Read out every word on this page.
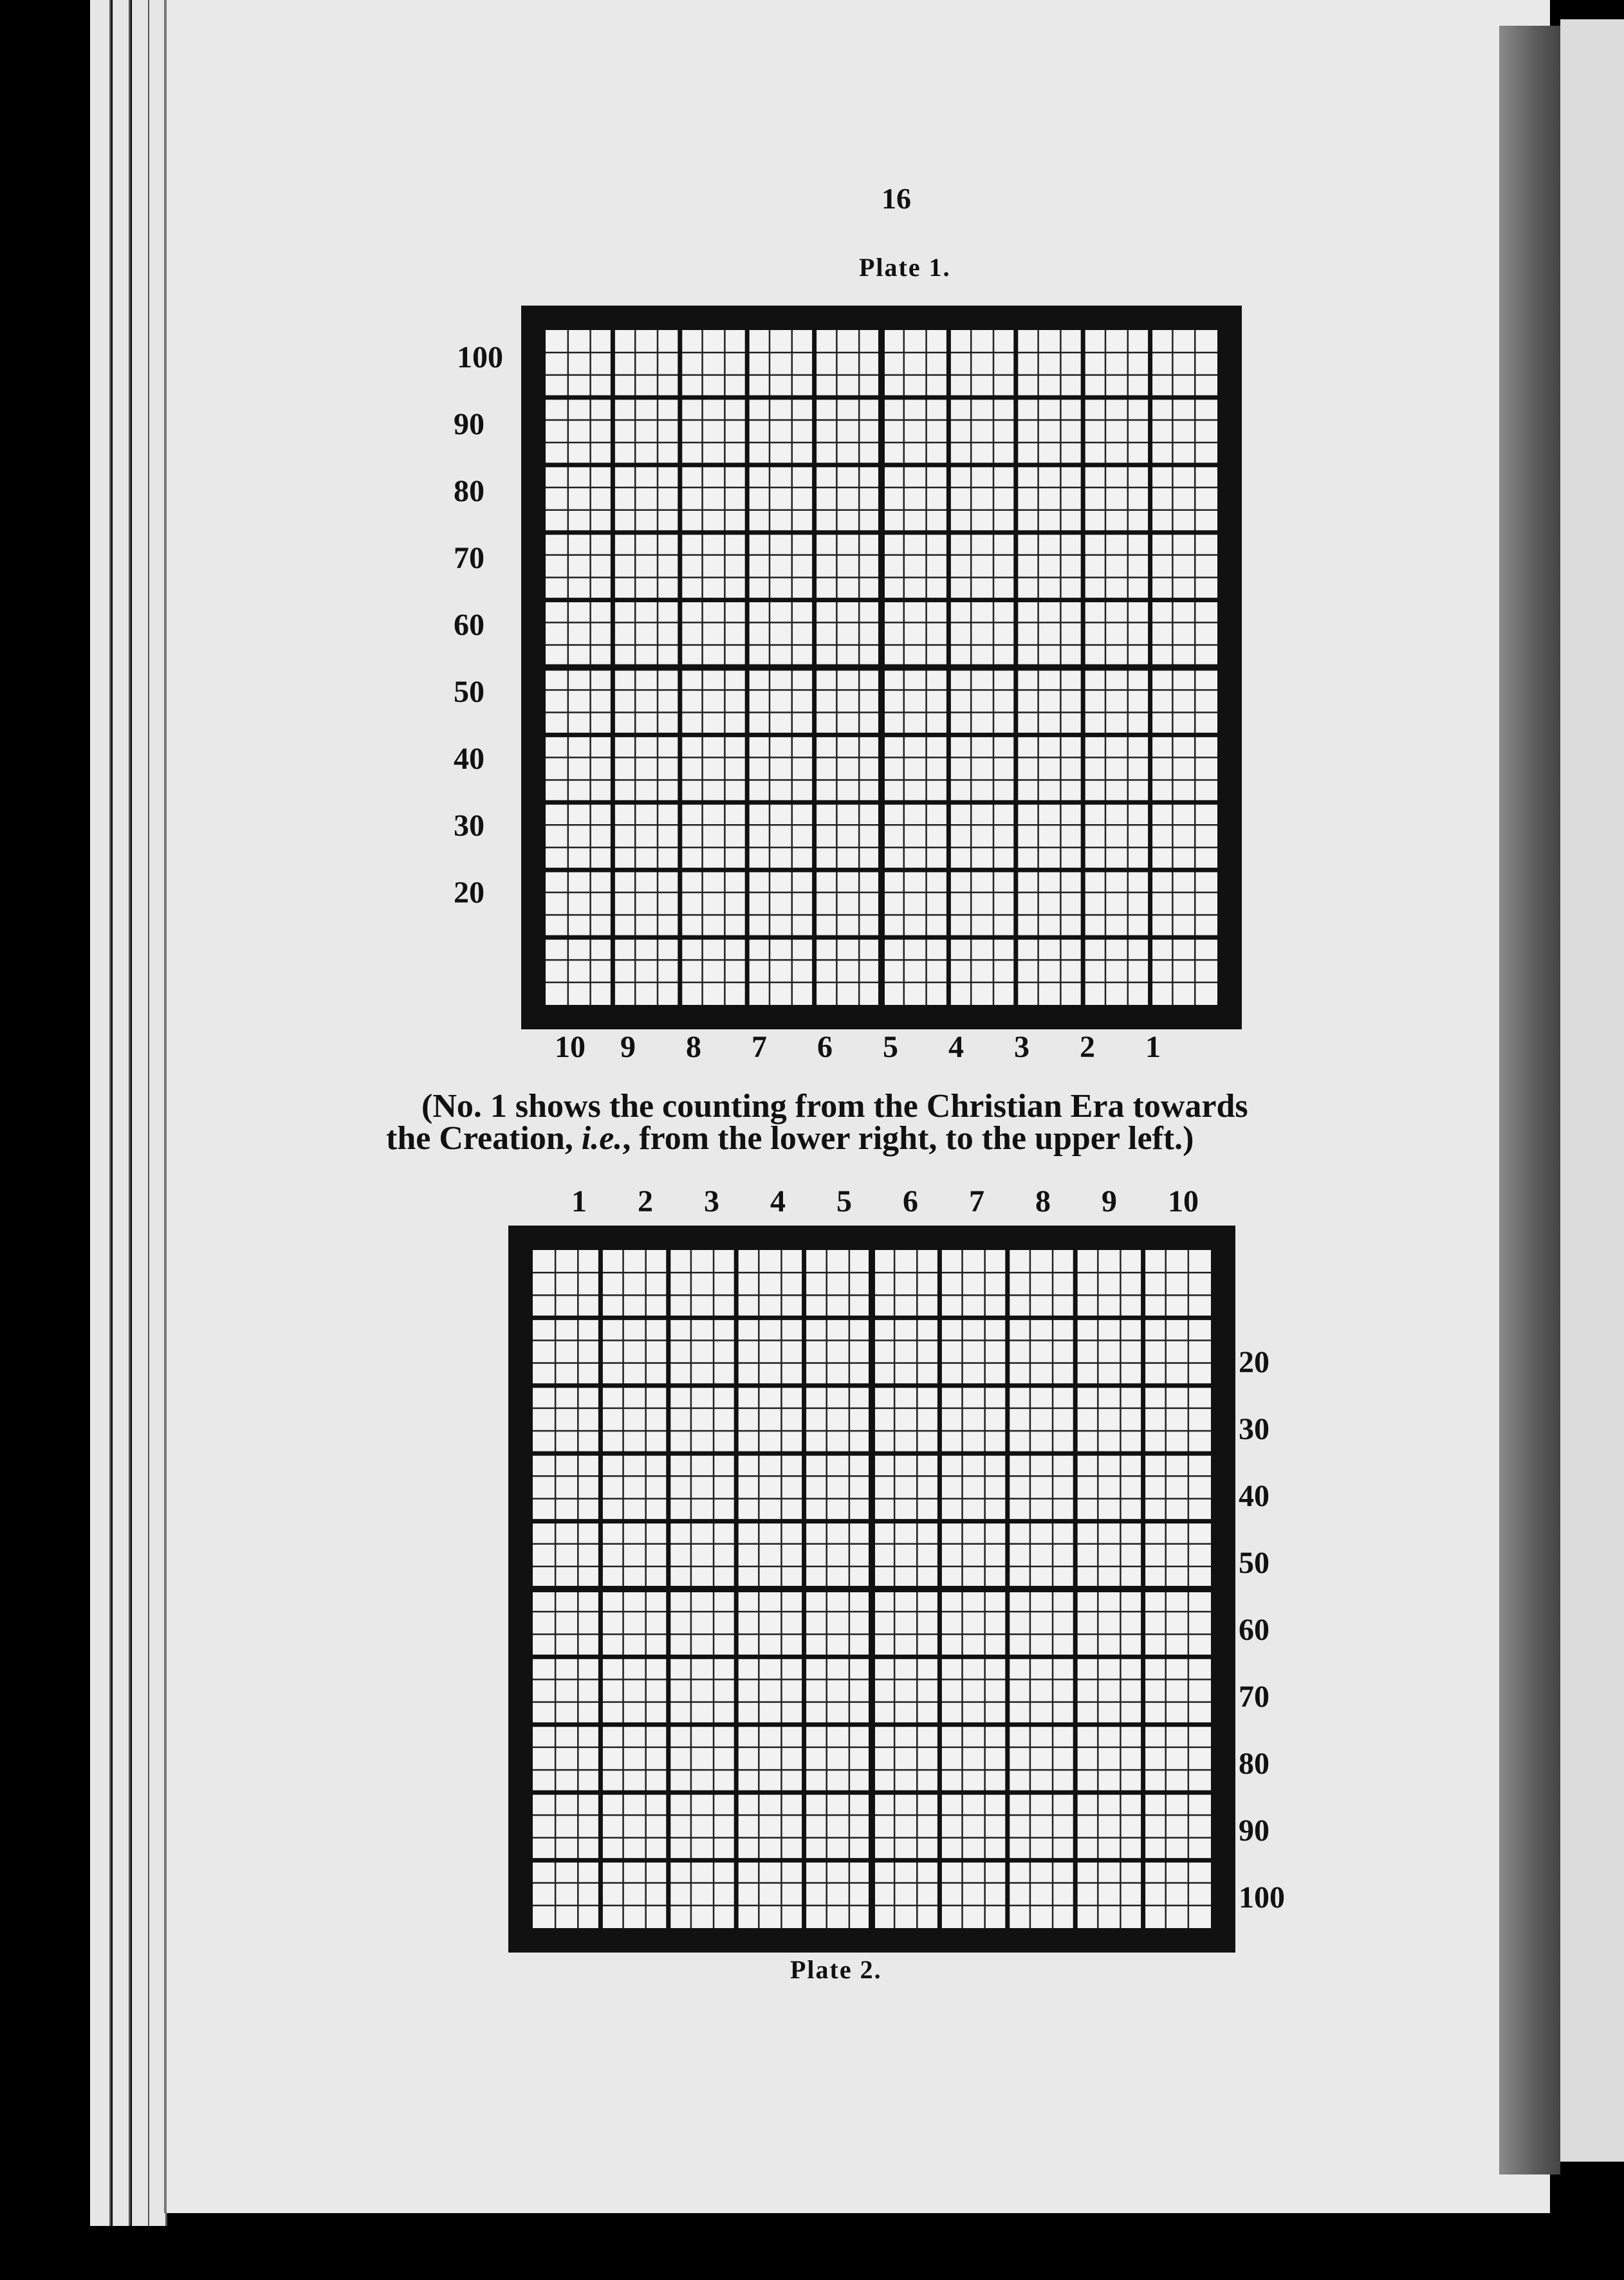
16
Plate 1.
100
90
80
70
60
50
40
30
20
10 9 8 7 6 5 4 3 2 1
(No. 1 shows the counting from the Christian Era towards
the Creation, i.e., from the lower right, to the upper left.)
1 2 3 4 5 6 7 8 9 10
20
30
40
50
60
70
80
90
100
Plate 2.
